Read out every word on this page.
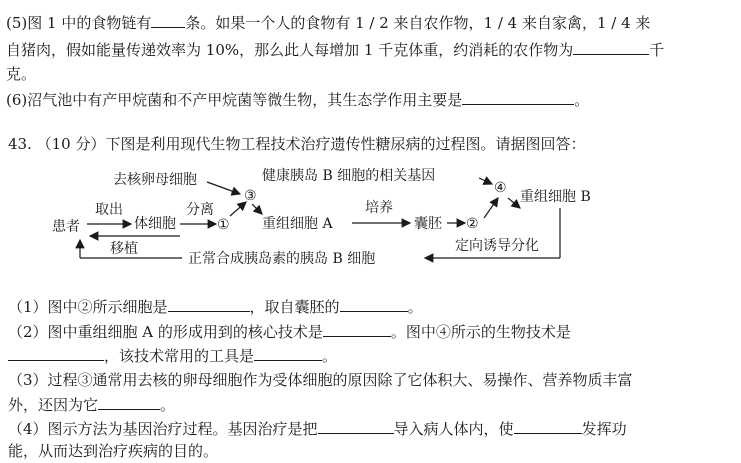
(5)图 1 中的食物链有 条。如果一个人的食物有 1 / 2 来自农作物，1 / 4 来自家禽，1 / 4 来
自猪肉，假如能量传递效率为 10%，那么此人每增加 1 千克体重，约消耗的农作物为	千
克。
(6)沼气池中有产甲烷菌和不产甲烷菌等微生物，其生态学作用主要是	。
43. （10 分）下图是利用现代生物工程技术治疗遗传性糖尿病的过程图。请据图回答：
去核卵母细胞
患者
取出
体细胞
分离
①
③
重组细胞 A
培养
囊胚 ②
健康胰岛 B 细胞的相关基因
④
重组细胞 B
定向诱导分化
正常合成胰岛素的胰岛 B 细胞
移植
（1）图中②所示细胞是	，取自囊胚的	。
（2）图中重组细胞 A 的形成用到的核心技术是	。图中④所示的生物技术是
，该技术常用的工具是	。
（3）过程③通常用去核的卵母细胞作为受体细胞的原因除了它体积大、易操作、营养物质丰富
外，还因为它	。
（4）图示方法为基因治疗过程。基因治疗是把	导入病人体内，使	发挥功
能，从而达到治疗疾病的目的。
